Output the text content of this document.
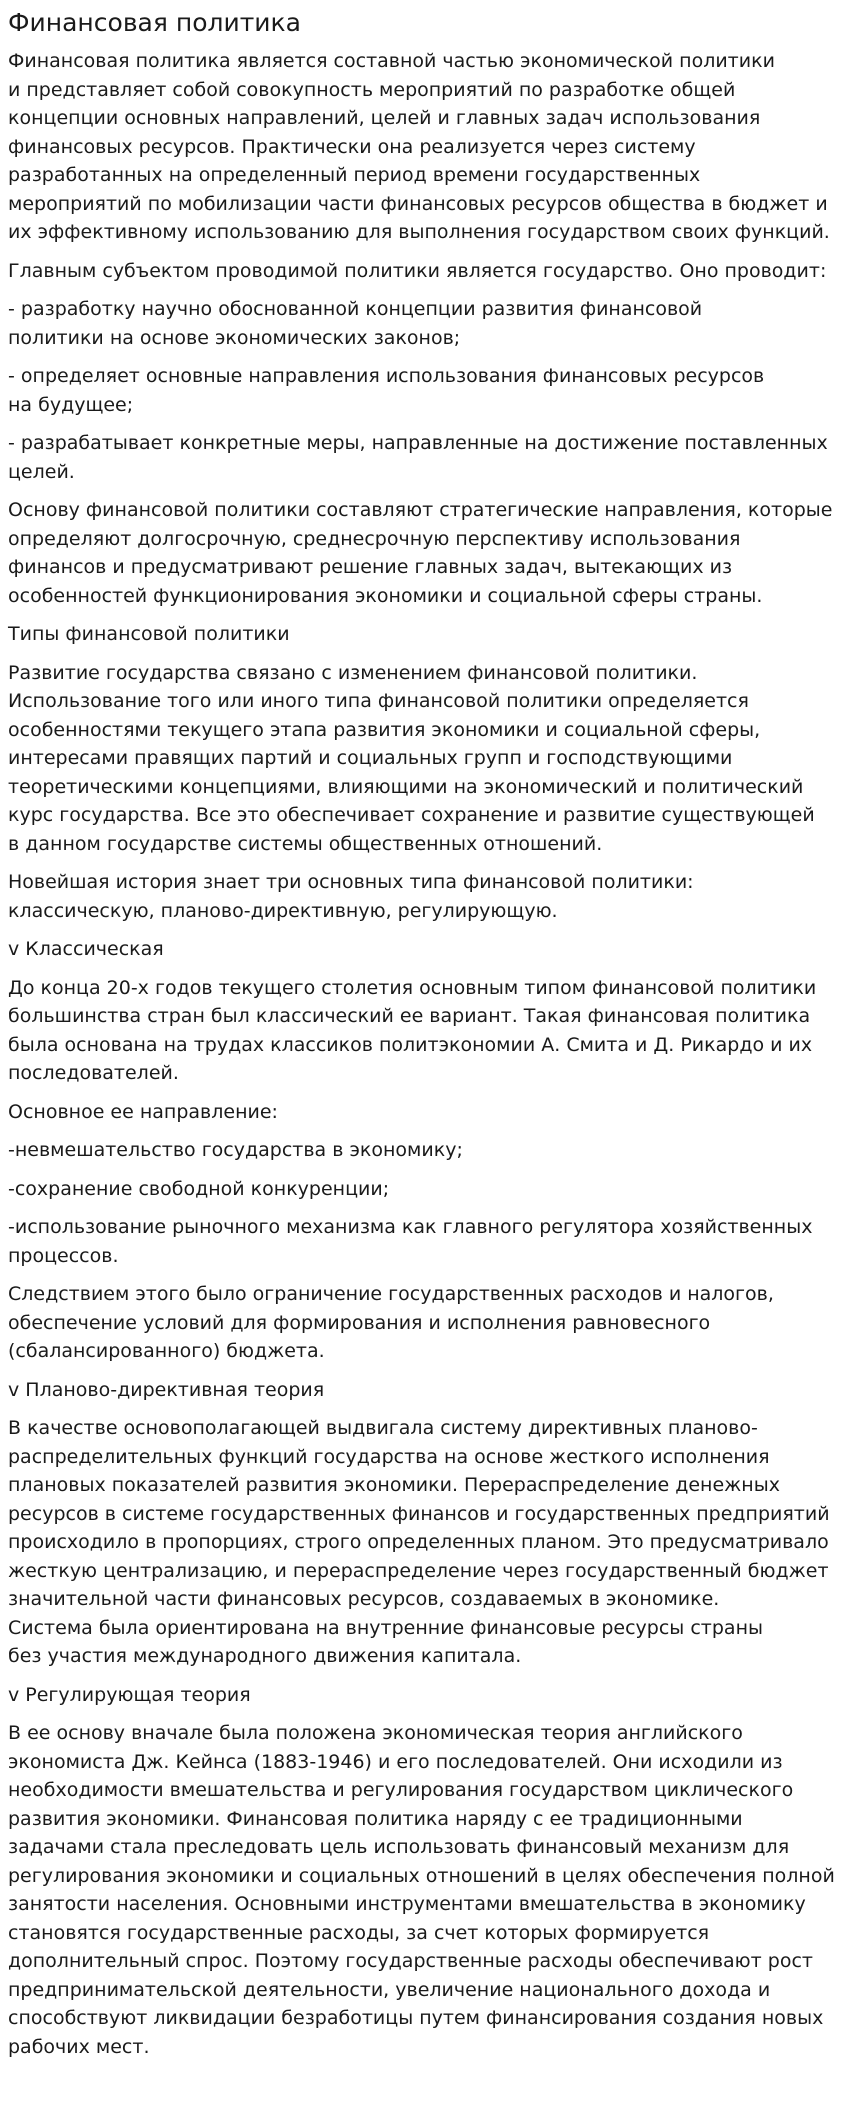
Финансовая политика

Финансовая политика является составной частью экономической политики
и представляет собой совокупность мероприятий по разработке общей
концепции основных направлений, целей и главных задач использования
финансовых ресурсов. Практически она реализуется через систему
разработанных на определенный период времени государственных
мероприятий по мобилизации части финансовых ресурсов общества в бюджет и
их эффективному использованию для выполнения государством своих функций.

Главным субъектом проводимой политики является государство. Оно проводит:

- разработку научно обоснованной концепции развития финансовой
политики на основе экономических законов;

- определяет основные направления использования финансовых ресурсов
на будущее;

- разрабатывает конкретные меры, направленные на достижение поставленных
целей.

Основу финансовой политики составляют стратегические направления, которые
определяют долгосрочную, среднесрочную перспективу использования
финансов и предусматривают решение главных задач, вытекающих из
особенностей функционирования экономики и социальной сферы страны.

Типы финансовой политики

Развитие государства связано с изменением финансовой политики.
Использование того или иного типа финансовой политики определяется
особенностями текущего этапа развития экономики и социальной сферы,
интересами правящих партий и социальных групп и господствующими
теоретическими концепциями, влияющими на экономический и политический
курс государства. Все это обеспечивает сохранение и развитие существующей
в данном государстве системы общественных отношений.

Новейшая история знает три основных типа финансовой политики:
классическую, планово-директивную, регулирующую.

v Классическая

До конца 20-х годов текущего столетия основным типом финансовой политики
большинства стран был классический ее вариант. Такая финансовая политика
была основана на трудах классиков политэкономии А. Смита и Д. Рикардо и их
последователей.

Основное ее направление:

-невмешательство государства в экономику;

-сохранение свободной конкуренции;

-использование рыночного механизма как главного регулятора хозяйственных
процессов.

Следствием этого было ограничение государственных расходов и налогов,
обеспечение условий для формирования и исполнения равновесного
(сбалансированного) бюджета.

v Планово-директивная теория

В качестве основополагающей выдвигала систему директивных планово-
распределительных функций государства на основе жесткого исполнения
плановых показателей развития экономики. Перераспределение денежных
ресурсов в системе государственных финансов и государственных предприятий
происходило в пропорциях, строго определенных планом. Это предусматривало
жесткую централизацию, и перераспределение через государственный бюджет
значительной части финансовых ресурсов, создаваемых в экономике.
Система была ориентирована на внутренние финансовые ресурсы страны
без участия международного движения капитала.

v Регулирующая теория

В ее основу вначале была положена экономическая теория английского
экономиста Дж. Кейнса (1883-1946) и его последователей. Они исходили из
необходимости вмешательства и регулирования государством циклического
развития экономики. Финансовая политика наряду с ее традиционными
задачами стала преследовать цель использовать финансовый механизм для
регулирования экономики и социальных отношений в целях обеспечения полной
занятости населения. Основными инструментами вмешательства в экономику
становятся государственные расходы, за счет которых формируется
дополнительный спрос. Поэтому государственные расходы обеспечивают рост
предпринимательской деятельности, увеличение национального дохода и
способствуют ликвидации безработицы путем финансирования создания новых
рабочих мест.
